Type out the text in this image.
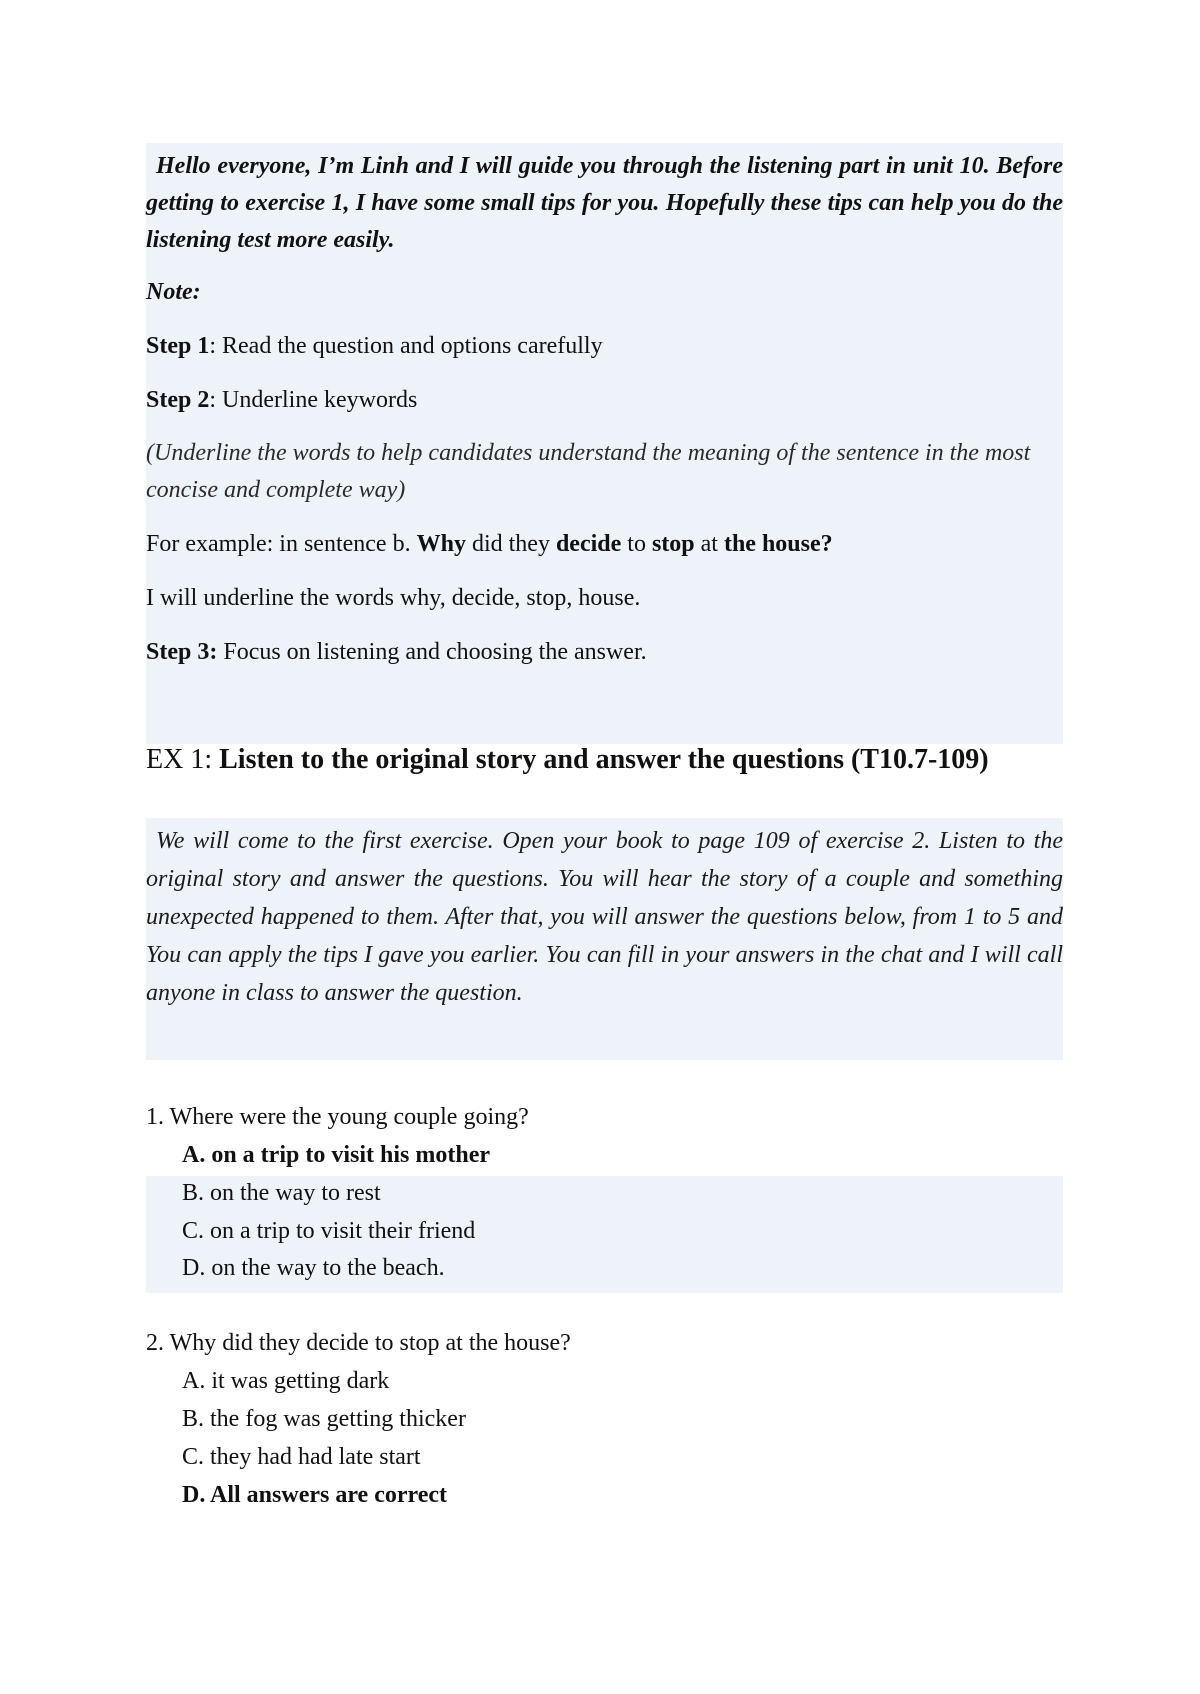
Hello everyone, I’m Linh and I will guide you through the listening part in unit 10. Before getting to exercise 1, I have some small tips for you. Hopefully these tips can help you do the listening test more easily.

Note:

Step 1: Read the question and options carefully

Step 2: Underline keywords

(Underline the words to help candidates understand the meaning of the sentence in the most concise and complete way)

For example: in sentence b. Why did they decide to stop at the house?

I will underline the words why, decide, stop, house.

Step 3: Focus on listening and choosing the answer.

EX 1: Listen to the original story and answer the questions (T10.7-109)

We will come to the first exercise. Open your book to page 109 of exercise 2. Listen to the original story and answer the questions. You will hear the story of a couple and something unexpected happened to them. After that, you will answer the questions below, from 1 to 5 and You can apply the tips I gave you earlier. You can fill in your answers in the chat and I will call anyone in class to answer the question.

1. Where were the young couple going?

A. on a trip to visit his mother

B. on the way to rest

C. on a trip to visit their friend

D. on the way to the beach.

2. Why did they decide to stop at the house?

A. it was getting dark

B. the fog was getting thicker

C. they had had late start

D. All answers are correct
